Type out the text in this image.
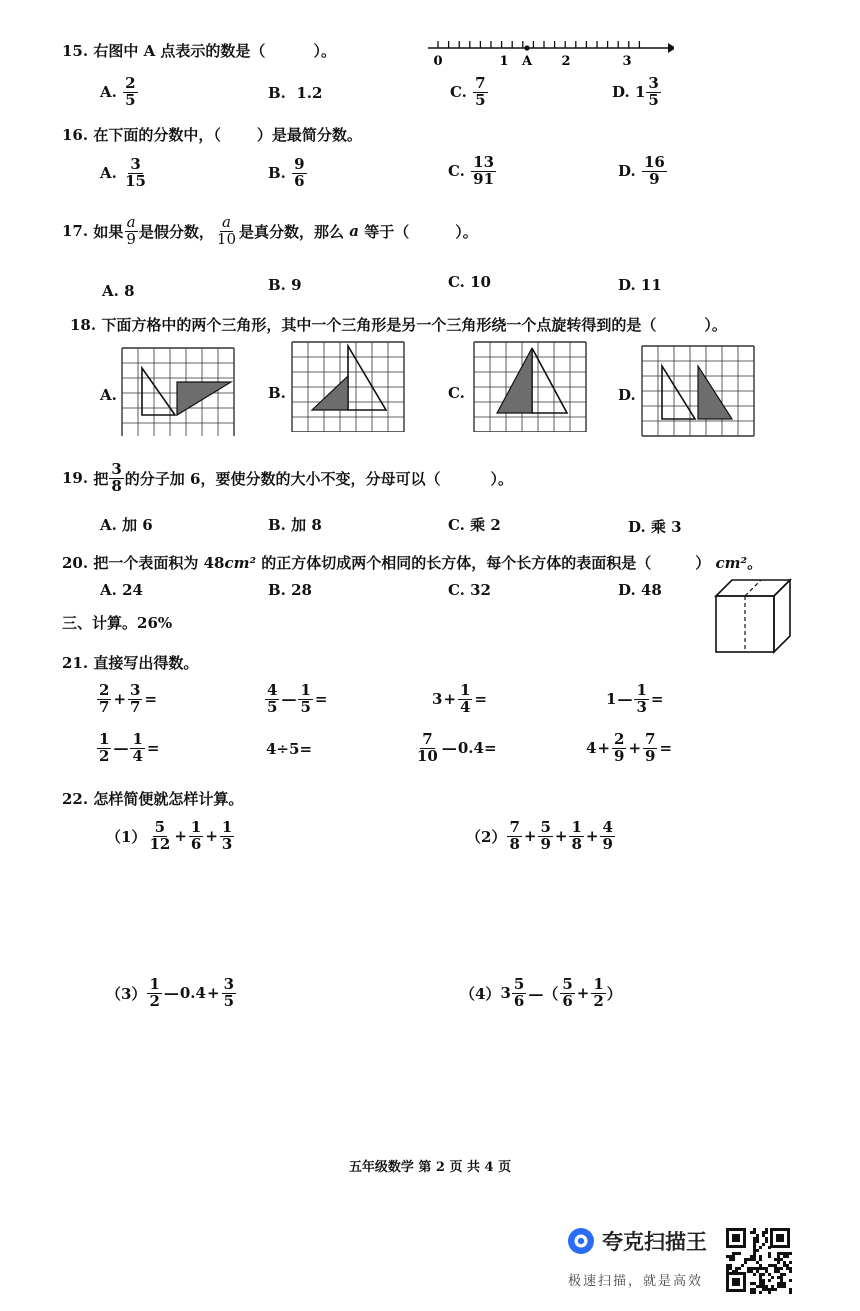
15. 右图中 A 点表示的数是（	）。
0	1 A 2	3
A.
$\frac{2}{5}$	B.
1.2	C.
$\frac{7}{5}$	D.
$1 \frac{3}{5}$
16. 在下面的分数中，（ ）是最简分数。
A.
$\frac{3}{15}$	B.
$\frac{9}{6}$	C.
$\frac{13}{91}$	D.
$\frac{16}{9}$
17.
如果 $\frac{a}{9}$ 是假分数， $\frac{a}{10}$ 是真分数，那么
a
等于（	）。
A. 8	B. 9	C. 10	D. 11
18. 下面方格中的两个三角形，其中一个三角形是另一个三角形绕一个点旋转得到的是（	）。
A.	B.	C.	D.
19.
把 $\frac{3}{8}$ 的分子加 6，要使分数的大小不变，分母可以（	）。
A. 加 6	B. 加 8	C. 乘 2	D. 乘 3
20. 把一个表面积为 48cm² 的正方体切成两个相同的长方体，每个长方体的表面积是（	） cm²。
A. 24	B. 28	C. 32	D. 48
三、计算。26%
21. 直接写出得数。
$\frac{2}{7} + \frac{3}{7}$ =	$\frac{4}{5}$ — $\frac{1}{5}$ =	$3 + \frac{1}{4}$ =	1 — $\frac{1}{3}$ =
$\frac{1}{2}$ — $\frac{1}{4}$ =	4÷5=	$\frac{7}{10}$ — 0.4=	$4 + \frac{2}{9} + \frac{7}{9}$ =
22. 怎样简便就怎样计算。
$(1) \frac{5}{12} + \frac{1}{6} + \frac{1}{3}$	$(2) \frac{7}{8} + \frac{5}{9} + \frac{1}{8} + \frac{4}{9}$
$(3) \frac{1}{2}$ — $0.4 + \frac{3}{5}$	（4） $3 \frac{5}{6}$ —（ $\frac{5}{6} + \frac{1}{2}$ ）
五年级数学 第 2 页 共 4 页
夸克扫描王
极速扫描，就是高效
